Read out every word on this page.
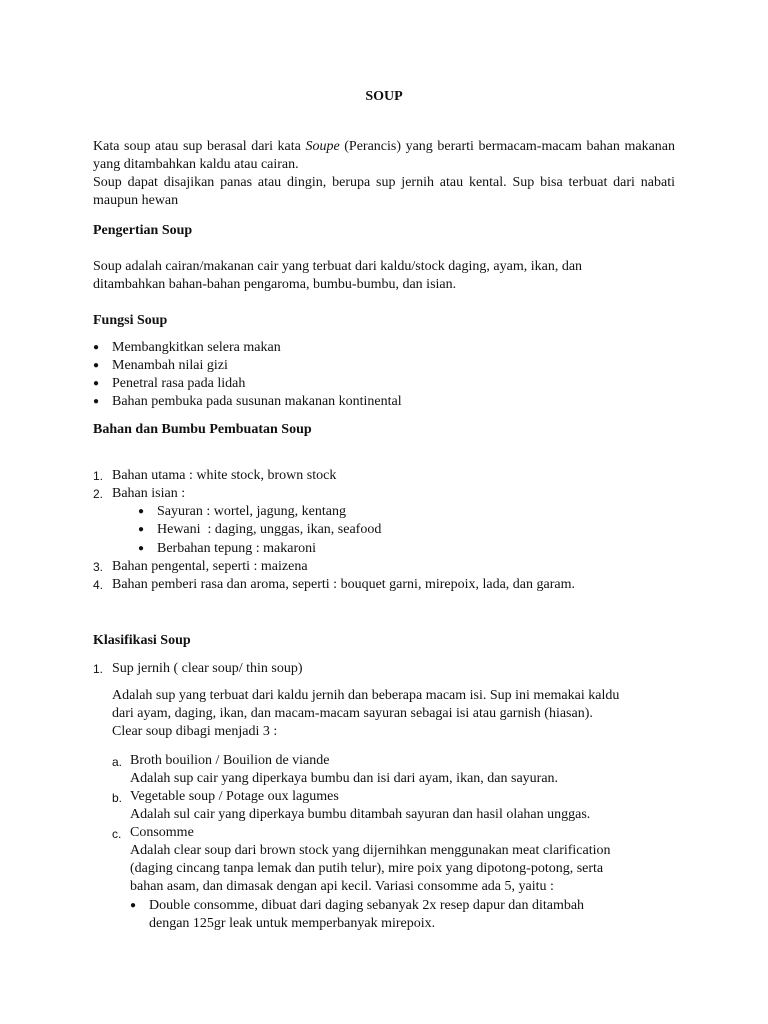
SOUP
Kata soup atau sup berasal dari kata Soupe (Perancis) yang berarti bermacam-macam bahan makanan yang ditambahkan kaldu atau cairan.
Soup dapat disajikan panas atau dingin, berupa sup jernih atau kental. Sup bisa terbuat dari nabati maupun hewan
Pengertian Soup
Soup adalah cairan/makanan cair yang terbuat dari kaldu/stock daging, ayam, ikan, dan
ditambahkan bahan-bahan pengaroma, bumbu-bumbu, dan isian.
Fungsi Soup
● Membangkitkan selera makan
● Menambah nilai gizi
● Penetral rasa pada lidah
● Bahan pembuka pada susunan makanan kontinental
Bahan dan Bumbu Pembuatan Soup
1. Bahan utama : white stock, brown stock
2. Bahan isian :
● Sayuran : wortel, jagung, kentang
● Hewani  : daging, unggas, ikan, seafood
● Berbahan tepung : makaroni
3. Bahan pengental, seperti : maizena
4. Bahan pemberi rasa dan aroma, seperti : bouquet garni, mirepoix, lada, dan garam.
Klasifikasi Soup
1. Sup jernih ( clear soup/ thin soup)
Adalah sup yang terbuat dari kaldu jernih dan beberapa macam isi. Sup ini memakai kaldu
dari ayam, daging, ikan, dan macam-macam sayuran sebagai isi atau garnish (hiasan).
Clear soup dibagi menjadi 3 :
a. Broth bouilion / Bouilion de viande
Adalah sup cair yang diperkaya bumbu dan isi dari ayam, ikan, dan sayuran.
b. Vegetable soup / Potage oux lagumes
Adalah sul cair yang diperkaya bumbu ditambah sayuran dan hasil olahan unggas.
c. Consomme
Adalah clear soup dari brown stock yang dijernihkan menggunakan meat clarification
(daging cincang tanpa lemak dan putih telur), mire poix yang dipotong-potong, serta
bahan asam, dan dimasak dengan api kecil. Variasi consomme ada 5, yaitu :
● Double consomme, dibuat dari daging sebanyak 2x resep dapur dan ditambah
dengan 125gr leak untuk memperbanyak mirepoix.
